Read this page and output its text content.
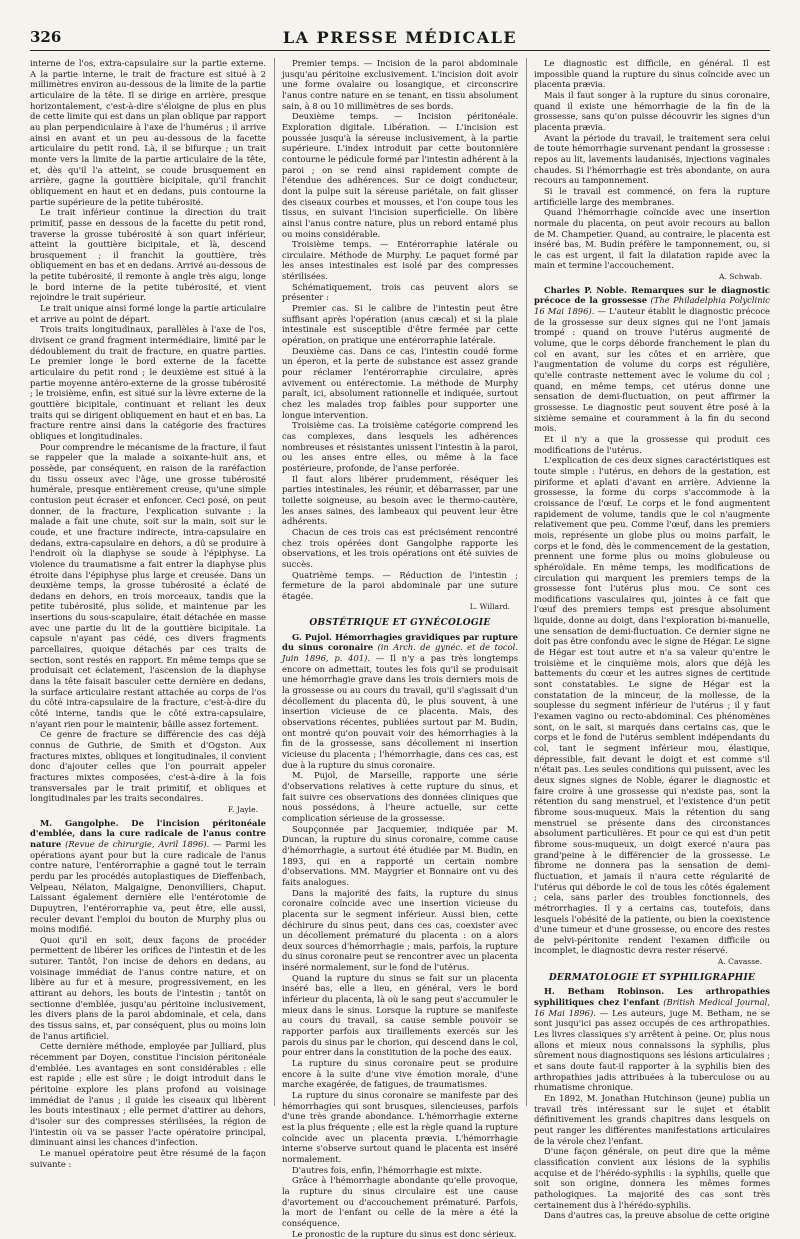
326	LA PRESSE MÉDICALE

interne de l'os, extra-capsulaire sur la partie externe. A la partie interne, le trait de fracture est situé à 2 millimètres environ au-dessous de la limite de la partie articulaire de la tête. Il se dirige en arrière, presque horizontalement, c'est-à-dire s'éloigne de plus en plus de cette limite qui est dans un plan oblique par rapport au plan perpendiculaire à l'axe de l'humérus ; il arrive ainsi en avant et un peu au-dessous de la facette articulaire du petit rond. Là, il se bifurque ; un trait monte vers la limite de la partie articulaire de la tête, et, dès qu'il l'a atteint, se coude brusquement en arrière, gagne la gouttière bicipitale, qu'il franchit obliquement en haut et en dedans, puis contourne la partie supérieure de la petite tubérosité.

Le trait inférieur continue la direction du trait primitif, passe en dessous de la facette du petit rond, traverse la grosse tubérosité à son quart inférieur, atteint la gouttière bicipitale, et là, descend brusquement ; il franchit la gouttière, très obliquement en bas et en dedans. Arrivé au-dessous de la petite tubérosité, il remonte à angle très aigu, longe le bord interne de la petite tubérosité, et vient rejoindre le trait supérieur.

Le trait unique ainsi formé longe la partie articulaire et arrive au point de départ.

Trois traits longitudinaux, parallèles à l'axe de l'os, divisent ce grand fragment intermédiaire, limité par le dédoublement du trait de fracture, en quatre parties. Le premier longe le bord externe de la facette articulaire du petit rond ; le deuxième est situé à la partie moyenne antéro-externe de la grosse tubérosité ; le troisième, enfin, est situé sur la lèvre externe de la gouttière bicipitale, continuant et reliant les deux traits qui se dirigent obliquement en haut et en bas. La fracture rentre ainsi dans la catégorie des fractures obliques et longitudinales.

Pour comprendre le mécanisme de la fracture, il faut se rappeler que la malade a soixante-huit ans, et possède, par conséquent, en raison de la raréfaction du tissu osseux avec l'âge, une grosse tubérosité humérale, presque entièrement creuse, qu'une simple contusion peut écraser et enfoncer. Ceci posé, on peut donner, de la fracture, l'explication suivante : la malade a fait une chute, soit sur la main, soit sur le coude, et une fracture indirecte, intra-capsulaire en dedans, extra-capsulaire en dehors, a dû se produire à l'endroit où la diaphyse se soude à l'épiphyse. La violence du traumatisme a fait entrer la diaphyse plus étroite dans l'épiphyse plus large et creusée. Dans un deuxième temps, la grosse tubérosité a éclaté de dedans en dehors, en trois morceaux, tandis que la petite tubérosité, plus solide, et maintenue par les insertions du sous-scapulaire, était détachée en masse avec une partie du lit de la gouttière bicipitale. La capsule n'ayant pas cédé, ces divers fragments parcellaires, quoique détachés par ces traits de section, sont restés en rapport. En même temps que se produisait cet éclatement, l'ascension de la diaphyse dans la tête faisait basculer cette dernière en dedans, la surface articulaire restant attachée au corps de l'os du côté intra-capsulaire de la fracture, c'est-à-dire du côté interne, tandis que le côté extra-capsulaire, n'ayant rien pour le maintenir, bâille assez fortement.

Ce genre de fracture se différencie des cas déjà connus de Guthrie, de Smith et d'Ogston. Aux fractures mixtes, obliques et longitudinales, il convient donc d'ajouter celles que l'on pourrait appeler fractures mixtes composées, c'est-à-dire à la fois transversales par le trait primitif, et obliques et longitudinales par les traits secondaires.

F. Jayle.

M. Gangolphe. De l'incision péritonéale d'emblée, dans la cure radicale de l'anus contre nature (Revue de chirurgie, Avril 1896). — Parmi les opérations ayant pour but la cure radicale de l'anus contre nature, l'entérorraphie a gagné tout le terrain perdu par les procédés autoplastiques de Dieffenbach, Velpeau, Nélaton, Malgaigne, Denonvilliers, Chaput. Laissant également dernière elle l'entérotomie de Dupuytren, l'entérorraphie va, peut être, elle aussi, reculer devant l'emploi du bouton de Murphy plus ou moins modifié.

Quoi qu'il en soit, deux façons de procéder permettent de libérer les orifices de l'intestin et de les suturer. Tantôt, l'on incise de dehors en dedans, au voisinage immédiat de l'anus contre nature, et on libère au fur et à mesure, progressivement, en les attirant au dehors, les bouts de l'intestin ; tantôt on sectionne d'emblée, jusqu'au péritoine inclusivement, les divers plans de la paroi abdominale, et cela, dans des tissus sains, et, par conséquent, plus ou moins loin de l'anus artificiel.

Cette dernière méthode, employée par Julliard, plus récemment par Doyen, constitue l'incision péritonéale d'emblée. Les avantages en sont considérables : elle est rapide ; elle est sûre ; le doigt introduit dans le péritoine explore les plans profond au voisinage immédiat de l'anus ; il guide les ciseaux qui libèrent les bouts intestinaux ; elle permet d'attirer au dehors, d'isoler sur des compresses stérilisées, la région de l'intestin où va se passer l'acte opératoire principal, diminuant ainsi les chances d'infection.

Le manuel opératoire peut être résumé de la façon suivante :

Premier temps. — Incision de la paroi abdominale jusqu'au péritoine exclusivement. L'incision doit avoir une forme ovalaire ou losangique, et circonscrire l'anus contre nature en se tenant, en tissu absolument sain, à 8 ou 10 millimètres de ses bords.

Deuxième temps. — Incision péritonéale. Exploration digitale. Libération. — L'incision est poussée jusqu'à la séreuse inclusivement, à la partie supérieure. L'index introduit par cette boutonnière contourne le pédicule formé par l'intestin adhérent à la paroi ; on se rend ainsi rapidement compte de l'étendue des adhérences. Sur ce doigt conducteur, dont la pulpe suit la séreuse pariétale, on fait glisser des ciseaux courbes et mousses, et l'on coupe tous les tissus, en suivant l'incision superficielle. On libère ainsi l'anus contre nature, plus un rebord entamé plus ou moins considérable.

Troisième temps. — Entérorraphie latérale ou circulaire. Méthode de Murphy. Le paquet formé par les anses intestinales est isolé par des compresses stérilisées.

Schématiquement, trois cas peuvent alors se présenter :

Premier cas. Si le calibre de l'intestin peut être suffisant après l'opération (anus cæcal) et si la plaie intestinale est susceptible d'être fermée par cette opération, on pratique une entérorraphie latérale.

Deuxième cas. Dans ce cas, l'intestin coudé forme un éperon, et la perte de substance est assez grande pour réclamer l'entérorraphie circulaire, après avivement ou entérectomie. La méthode de Murphy paraît, ici, absolument rationnelle et indiquée, surtout chez les malades trop faibles pour supporter une longue intervention.

Troisième cas. La troisième catégorie comprend les cas complexes, dans lesquels les adhérences nombreuses et résistantes unissent l'intestin à la paroi, ou les anses entre elles, ou même à la face postérieure, profonde, de l'anse perforée.

Il faut alors libérer prudemment, réséquer les parties intestinales, les réunir, et débarrasser, par une toilette soigneuse, au besoin avec le thermo-cautère, les anses saines, des lambeaux qui peuvent leur être adhérents.

Chacun de ces trois cas est précisément rencontré chez trois opérées dont Gangolphe rapporte les observations, et les trois opérations ont été suivies de succès.

Quatrième temps. — Réduction de l'intestin ; fermeture de la paroi abdominale par une suture étagée.

L. Willard.
OBSTÉTRIQUE ET GYNÉCOLOGIE

G. Pujol. Hémorrhagies gravidiques par rupture du sinus coronaire (in Arch. de gynéc. et de tocol. Juin 1896, p. 401). — Il n'y a pas très longtemps encore on admettait, toutes les fois qu'il se produisait une hémorrhagie grave dans les trois derniers mois de la grossesse ou au cours du travail, qu'il s'agissait d'un décollement du placenta dû, le plus souvent, à une insertion vicieuse de ce placenta. Mais, des observations récentes, publiées surtout par M. Budin, ont montré qu'on pouvait voir des hémorrhagies à la fin de la grossesse, sans décollement ni insertion vicieuse du placenta ; l'hémorrhagie, dans ces cas, est due à la rupture du sinus coronaire.

M. Pujol, de Marseille, rapporte une série d'observations relatives à cette rupture du sinus, et fait suivre ces observations des données cliniques que nous possédons, à l'heure actuelle, sur cette complication sérieuse de la grossesse.

Soupçonnée par Jacquemier, indiquée par M. Duncan, la rupture du sinus coronaire, comme cause d'hémorrhagie, a surtout été étudiée par M. Budin, en 1893, qui en a rapporté un certain nombre d'observations. MM. Maygrier et Bonnaire ont vu des faits analogues.

Dans la majorité des faits, la rupture du sinus coronaire coïncide avec une insertion vicieuse du placenta sur le segment inférieur. Aussi bien, cette déchirure du sinus peut, dans ces cas, coexister avec un décollement prématuré du placenta : on a alors deux sources d'hémorrhagie ; mais, parfois, la rupture du sinus coronaire peut se rencontrer avec un placenta inséré normalement, sur le fond de l'utérus.

Quand la rupture du sinus se fait sur un placenta inséré bas, elle a lieu, en général, vers le bord inférieur du placenta, là où le sang peut s'accumuler le mieux dans le sinus. Lorsque la rupture se manifeste au cours du travail, sa cause semble pouvoir se rapporter parfois aux tiraillements exercés sur les parois du sinus par le chorion, qui descend dans le col, pour entrer dans la constitution de la poche des eaux.

La rupture du sinus coronaire peut se produire encore à la suite d'une vive émotion morale, d'une marche exagérée, de fatigues, de traumatismes.

La rupture du sinus coronaire se manifeste par des hémorrhagies qui sont brusques, silencieuses, parfois d'une très grande abondance. L'hémorrhagie externe est la plus fréquente ; elle est la règle quand la rupture coïncide avec un placenta prævia. L'hémorrhagie interne s'observe surtout quand le placenta est inséré normalement.

D'autres fois, enfin, l'hémorrhagie est mixte.

Grâce à l'hémorrhagie abondante qu'elle provoque, la rupture du sinus circulaire est une cause d'avortement ou d'accouchement prématuré. Parfois, la mort de l'enfant ou celle de la mère a été la conséquence.

Le pronostic de la rupture du sinus est donc sérieux.

Le diagnostic est difficile, en général. Il est impossible quand la rupture du sinus coïncide avec un placenta prævia.

Mais il faut songer à la rupture du sinus coronaire, quand il existe une hémorrhagie de la fin de la grossesse, sans qu'on puisse découvrir les signes d'un placenta prævia.

Avant la période du travail, le traitement sera celui de toute hémorrhagie survenant pendant la grossesse : repos au lit, lavements laudanisés, injections vaginales chaudes. Si l'hémorrhagie est très abondante, on aura recours au tamponnement.

Si le travail est commencé, on fera la rupture artificielle large des membranes.

Quand l'hémorrhagie coïncide avec une insertion normale du placenta, on peut avoir recours au ballon de M. Champetier. Quand, au contraire, le placenta est inséré bas, M. Budin préfère le tamponnement, ou, si le cas est urgent, il fait la dilatation rapide avec la main et termine l'accouchement.

A. Schwab.

Charles P. Noble. Remarques sur le diagnostic précoce de la grossesse (The Philadelphia Polyclinic 16 Mai 1896). — L'auteur établit le diagnostic précoce de la grossesse sur deux signes qui ne l'ont jamais trompé : quand on trouve l'utérus augmenté de volume, que le corps déborde franchement le plan du col en avant, sur les côtes et en arrière, que l'augmentation de volume du corps est régulière, qu'elle contraste nettement avec le volume du col ; quand, en même temps, cet utérus donne une sensation de demi-fluctuation, on peut affirmer la grossesse. Le diagnostic peut souvent être posé à la sixième semaine et couramment à la fin du second mois.

Et il n'y a que la grossesse qui produit ces modifications de l'utérus.

L'explication de ces deux signes caractéristiques est toute simple : l'utérus, en dehors de la gestation, est piriforme et aplati d'avant en arrière. Advienne la grossesse, la forme du corps s'accommode à la croissance de l'œuf. Le corps et le fond augmentent rapidement de volume, tandis que le col n'augmente relativement que peu. Comme l'œuf, dans les premiers mois, représente un globe plus ou moins parfait, le corps et le fond, dès le commencement de la gestation, prennent une forme plus ou moins globuleuse ou sphéroïdale. En même temps, les modifications de circulation qui marquent les premiers temps de la grossesse font l'utérus plus mou. Ce sont ces modifications vasculaires qui, jointes à ce fait que l'œuf des premiers temps est presque absolument liquide, donne au doigt, dans l'exploration bi-manuelle, une sensation de demi-fluctuation. Ce dernier signe ne doit pas être confondu avec le signe de Hégar. Le signe de Hégar est tout autre et n'a sa valeur qu'entre le troisième et le cinquième mois, alors que déjà les battements du cœur et les autres signes de certitude sont constatables. Le signe de Hégar est la constatation de la minceur, de la mollesse, de la souplesse du segment inférieur de l'utérus ; il y faut l'examen vagino ou recto-abdominal. Ces phénomènes sont, on le sait, si marqués dans certains cas, que le corps et le fond de l'utérus semblent indépendants du col, tant le segment inférieur mou, élastique, dépressible, fait devant le doigt et est comme s'il n'était pas. Les seules conditions qui puissent, avec les deux signes signes de Noble, égarer le diagnostic et faire croire à une grossesse qui n'existe pas, sont la rétention du sang menstruel, et l'existence d'un petit fibrome sous-muqueux. Mais la rétention du sang menstruel se présente dans des circonstances absolument particulières. Et pour ce qui est d'un petit fibrome sous-muqueux, un doigt exercé n'aura pas grand'peine à le différencier de la grossesse. Le fibrome ne donnera pas la sensation de demi-fluctuation, et jamais il n'aura cette régularité de l'utérus qui déborde le col de tous les côtés également ; cela, sans parler des troubles fonctionnels, des métrorrhagies. Il y a certains cas, toutefois, dans lesquels l'obésité de la patiente, ou bien la coexistence d'une tumeur et d'une grossesse, ou encore des restes de pelvi-péritonite rendent l'examen difficile ou incomplet, le diagnostic devra rester réservé.

A. Cavasse.
DERMATOLOGIE ET SYPHILIGRAPHIE

H. Betham Robinson. Les arthropathies syphilitiques chez l'enfant (British Medical Journal, 16 Mai 1896). — Les auteurs, juge M. Betham, ne se sont jusqu'ici pas assez occupés de ces arthropathies. Les livres classiques s'y arrêtent à peine. Or, plus nous allons et mieux nous connaissons la syphilis, plus sûrement nous diagnostiquons ses lésions articulaires ; et sans doute faut-il rapporter à la syphilis bien des arthropathies jadis attribuées à la tuberculose ou au rhumatisme chronique.

En 1892, M. Jonathan Hutchinson (jeune) publia un travail très intéressant sur le sujet et établit définitivement les grands chapitres dans lesquels on peut ranger les différentes manifestations articulaires de la vérole chez l'enfant.

D'une façon générale, on peut dire que la même classification convient aux lésions de la syphilis acquise et de l'hérédo-syphilis : la syphilis, quelle que soit son origine, donnera les mêmes formes pathologiques. La majorité des cas sont très certainement dus à l'hérédo-syphilis.

Dans d'autres cas, la preuve absolue de cette origine
